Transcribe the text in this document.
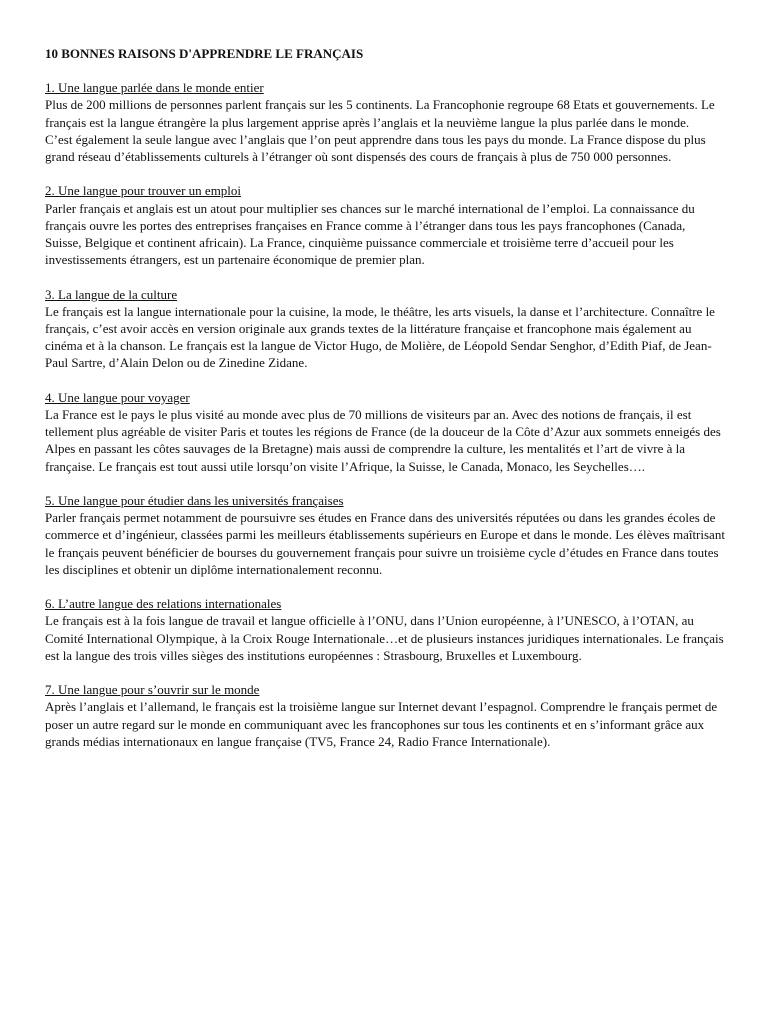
10 BONNES RAISONS D'APPRENDRE LE FRANÇAIS

1. Une langue parlée dans le monde entier

Plus de 200 millions de personnes parlent français sur les 5 continents. La Francophonie regroupe 68 Etats et gouvernements. Le français est la langue étrangère la plus largement apprise après l’anglais et la neuvième langue la plus parlée dans le monde.

C’est également la seule langue avec l’anglais que l’on peut apprendre dans tous les pays du monde. La France dispose du plus grand réseau d’établissements culturels à l’étranger où sont dispensés des cours de français à plus de 750 000 personnes.

2. Une langue pour trouver un emploi

Parler français et anglais est un atout pour multiplier ses chances sur le marché international de l’emploi. La connaissance du français ouvre les portes des entreprises françaises en France comme à l’étranger dans tous les pays francophones (Canada, Suisse, Belgique et continent africain). La France, cinquième puissance commerciale et troisième terre d’accueil pour les investissements étrangers, est un partenaire économique de premier plan.

3. La langue de la culture

Le français est la langue internationale pour la cuisine, la mode, le théâtre, les arts visuels, la danse et l’architecture. Connaître le français, c’est avoir accès en version originale aux grands textes de la littérature française et francophone mais également au cinéma et à la chanson. Le français est la langue de Victor Hugo, de Molière, de Léopold Sendar Senghor, d’Edith Piaf, de Jean-Paul Sartre, d’Alain Delon ou de Zinedine Zidane.

4. Une langue pour voyager

La France est le pays le plus visité au monde avec plus de 70 millions de visiteurs par an. Avec des notions de français, il est tellement plus agréable de visiter Paris et toutes les régions de France (de la douceur de la Côte d’Azur aux sommets enneigés des Alpes en passant les côtes sauvages de la Bretagne) mais aussi de comprendre la culture, les mentalités et l’art de vivre à la française. Le français est tout aussi utile lorsqu’on visite l’Afrique, la Suisse, le Canada, Monaco, les Seychelles….

5. Une langue pour étudier dans les universités françaises

Parler français permet notamment de poursuivre ses études en France dans des universités réputées ou dans les grandes écoles de commerce et d’ingénieur, classées parmi les meilleurs établissements supérieurs en Europe et dans le monde. Les élèves maîtrisant le français peuvent bénéficier de bourses du gouvernement français pour suivre un troisième cycle d’études en France dans toutes les disciplines et obtenir un diplôme internationalement reconnu.

6. L’autre langue des relations internationales

Le français est à la fois langue de travail et langue officielle à l’ONU, dans l’Union européenne, à l’UNESCO, à l’OTAN, au Comité International Olympique, à la Croix Rouge Internationale…et de plusieurs instances juridiques internationales. Le français est la langue des trois villes sièges des institutions européennes : Strasbourg, Bruxelles et Luxembourg.

7. Une langue pour s’ouvrir sur le monde

Après l’anglais et l’allemand, le français est la troisième langue sur Internet devant l’espagnol. Comprendre le français permet de poser un autre regard sur le monde en communiquant avec les francophones sur tous les continents et en s’informant grâce aux grands médias internationaux en langue française (TV5, France 24, Radio France Internationale).
